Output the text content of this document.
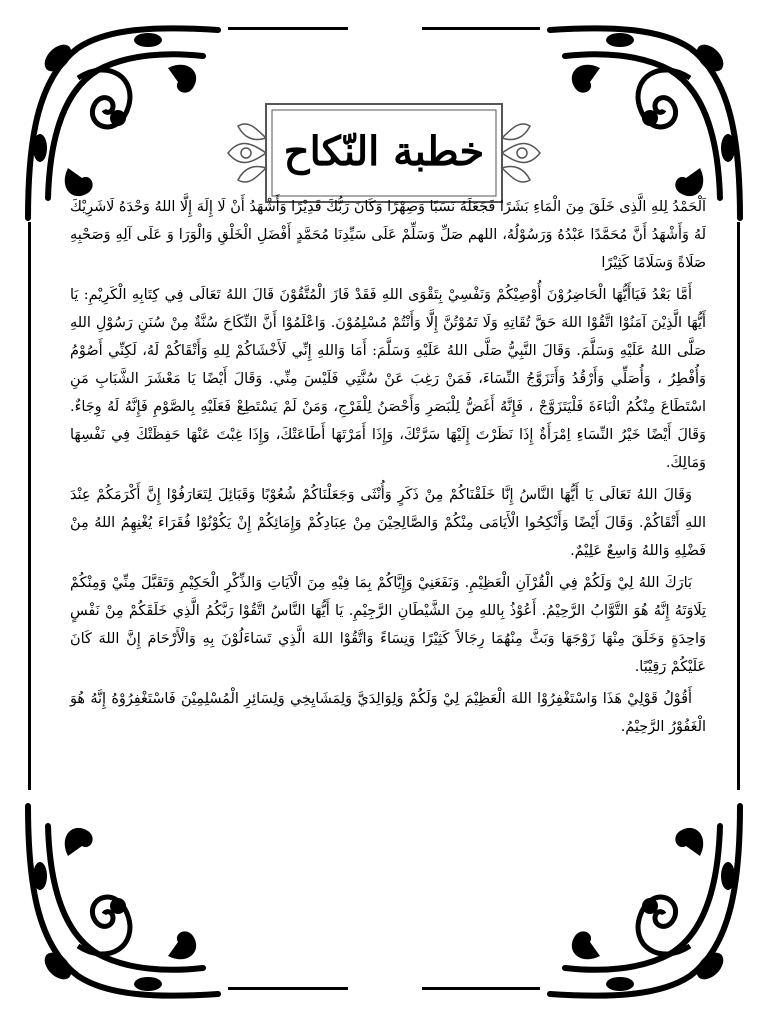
خطبة النّكاح

اَلْحَمْدُ لِلهِ الَّذِى خَلَقَ مِنَ الْمَاءِ بَشَرًا فَجَعَلَهُ نَسَبًا وَصِهْرًا وَكَانَ رَبُّكَ قَدِيْرًا وَأَشْهَدُ أَنْ لَا إِلَهَ إِلَّا اللهُ وَحْدَهُ لَاشَرِيْكَ لَهُ وَأَشْهَدُ أَنَّ مُحَمَّدًا عَبْدُهُ وَرَسُوْلُهُ، اللهم صَلِّ وَسَلِّمْ عَلَى سَيِّدِنَا مُحَمَّدٍ أَفْضَلِ الْخَلْقِ وَالْوَرَا وَ عَلَى آلِهِ وَصَحْبِهِ صَلَاةً وَسَلَامًا كَثِيْرًا

أَمَّا بَعْدُ فَيَاأَيُّهَا الْحَاضِرُوْنَ أُوْصِيْكُمْ وَنَفْسِيْ بِتَقْوَى اللهِ فَقَدْ فَازَ الْمُتَّقُوْنَ قَالَ اللهُ تَعَالَى فِي كِتَابِهِ الْكَرِيْمِ: يَا أَيُّهَا الَّذِيْنَ آمَنُوْا اتَّقُوْا اللهَ حَقَّ تُقَاتِهِ وَلَا تَمُوْتُنَّ إِلَّا وَأَنْتُمْ مُسْلِمُوْنَ. وَاعْلَمُوْا أَنَّ النِّكَاحَ سُنَّةٌ مِنْ سُنَنِ رَسُوْلِ اللهِ صَلَّى اللهُ عَلَيْهِ وَسَلَّمَ. وَقَالَ النَّبِيُّ صَلَّى اللهُ عَلَيْهِ وَسَلَّمَ: أَمَا وَاللهِ إِنِّي لَأَخْشَاكُمْ لِلهِ وَأَتْقَاكُمْ لَهُ، لَكِنِّي أَصُوْمُ وَأُفْطِرُ ، وَأُصَلِّي وَأَرْقُدُ وَأَتَزَوَّجُ النِّسَاءَ، فَمَنْ رَغِبَ عَنْ سُنَّتِي فَلَيْسَ مِنِّي. وَقَالَ أَيْضًا يَا مَعْشَرَ الشَّبَابِ مَنِ اسْتَطَاعَ مِنْكُمُ الْبَاءَةَ فَلْيَتَزَوَّجْ ، فَإِنَّهُ أَغَضُّ لِلْبَصَرِ وَأَحْصَنُ لِلْفَرْجِ، وَمَنْ لَمْ يَسْتَطِعْ فَعَلَيْهِ بِالصَّوْمِ فَإِنَّهُ لَهُ وِجَاءٌ. وَقَالَ أَيْضًا خَيْرُ النِّسَاءِ اِمْرَأَةٌ إِذَا نَظَرْتَ إِلَيْهَا سَرَّتْكَ، وَإِذَا أَمَرْتَهَا أَطَاعَتْكَ، وَإِذَا غِبْتَ عَنْهَا حَفِظَتْكَ فِي نَفْسِهَا وَمَالِكَ.

وَقَالَ اللهُ تَعَالَى يَا أَيُّهَا النَّاسُ إِنَّا خَلَقْنَاكُمْ مِنْ ذَكَرٍ وَأُنْثَى وَجَعَلْنَاكُمْ شُعُوْبًا وَقَبَائِلَ لِتَعَارَفُوْا إِنَّ أَكْرَمَكُمْ عِنْدَ اللهِ أَتْقَاكُمْ. وَقَالَ أَيْضًا وَأَنْكِحُوا الْأَيَامَى مِنْكُمْ وَالصَّالِحِيْنَ مِنْ عِبَادِكُمْ وَإِمَائِكُمْ إِنْ يَكُوْنُوْا فُقَرَاءَ يُغْنِهِمُ اللهُ مِنْ فَضْلِهِ وَاللهُ وَاسِعٌ عَلِيْمٌ.

بَارَكَ اللهُ لِيْ وَلَكُمْ فِي الْقُرْآنِ الْعَظِيْمِ. وَنَفَعَنِيْ وَإِيَّاكُمْ بِمَا فِيْهِ مِنَ الْآيَاتِ وَالذِّكْرِ الْحَكِيْمِ وَتَقَبَّلَ مِنِّيْ وَمِنْكُمْ تِلَاوَتَهُ إِنَّهُ هُوَ التَّوَّابُ الرَّحِيْمُ. أَعُوْذُ بِاللهِ مِنَ الشَّيْطَانِ الرَّجِيْمِ. يَا أَيُّهَا النَّاسُ اتَّقُوْا رَبَّكُمُ الَّذِي خَلَقَكُمْ مِنْ نَفْسٍ وَاحِدَةٍ وَخَلَقَ مِنْهَا زَوْجَهَا وَبَثَّ مِنْهُمَا رِجَالاً كَثِيْرًا وَنِسَاءً وَاتَّقُوْا اللهَ الَّذِي تَسَاءَلُوْنَ بِهِ وَالْأَرْحَامَ إِنَّ اللهَ كَانَ عَلَيْكُمْ رَقِيْبًا.

أَقُوْلُ قَوْلِيْ هَذَا وَاسْتَغْفِرُوْا اللهَ الْعَظِيْمَ لِيْ وَلَكُمْ وَلِوَالِدَيَّ وَلِمَشَايِخِي وَلِسَائِرِ الْمُسْلِمِيْنَ فَاسْتَغْفِرُوْهُ إِنَّهُ هُوَ الْغَفُوْرُ الرَّحِيْمُ.
